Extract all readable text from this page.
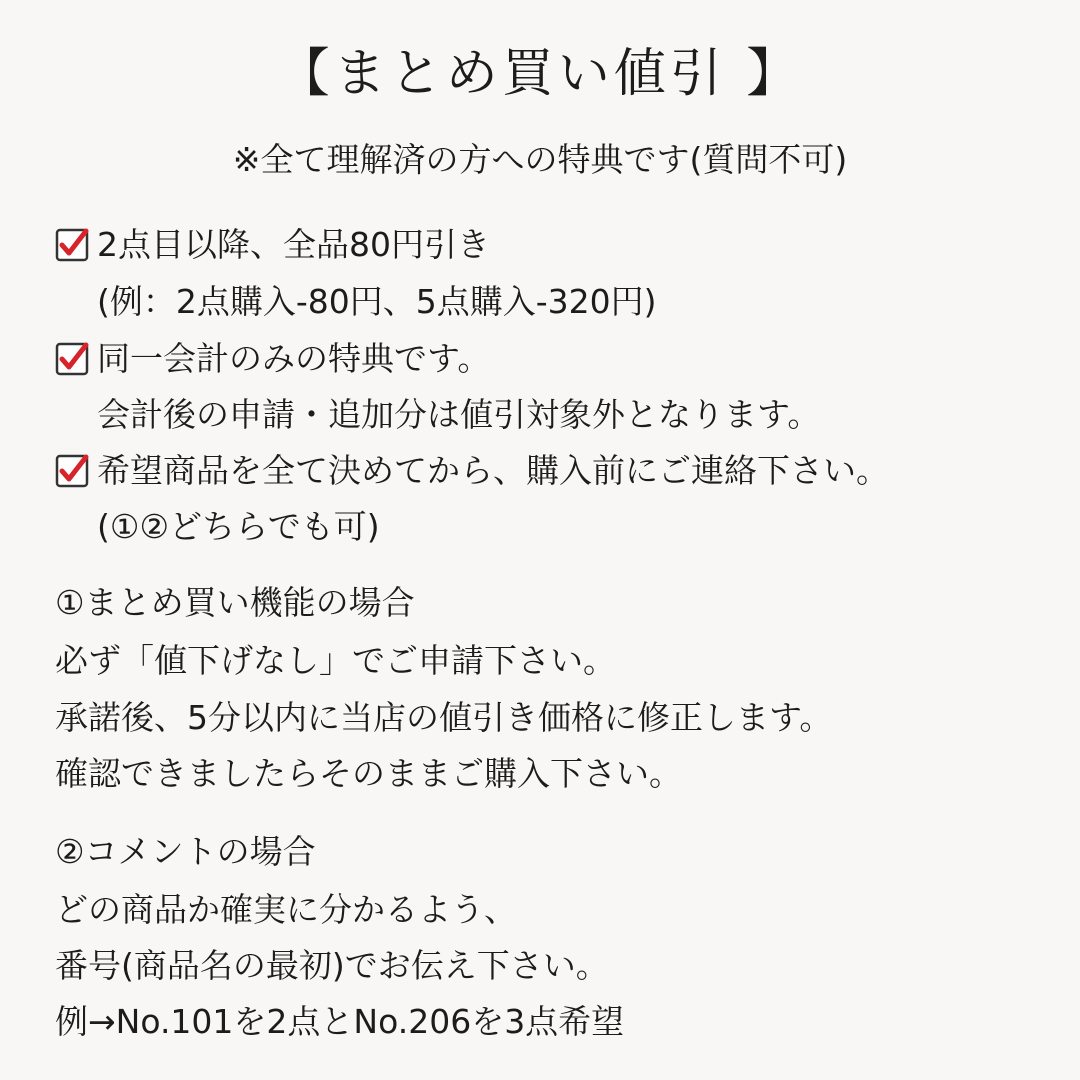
【まとめ買い値引 】
※全て理解済の方への特典です(質問不可)
2点目以降、全品80円引き
(例：2点購入-80円、5点購入-320円)
同一会計のみの特典です。
会計後の申請・追加分は値引対象外となります。
希望商品を全て決めてから、購入前にご連絡下さい。
(①②どちらでも可)
①まとめ買い機能の場合
必ず「値下げなし」でご申請下さい。
承諾後、5分以内に当店の値引き価格に修正します。
確認できましたらそのままご購入下さい。
②コメントの場合
どの商品か確実に分かるよう、
番号(商品名の最初)でお伝え下さい。
例→No.101を2点とNo.206を3点希望
